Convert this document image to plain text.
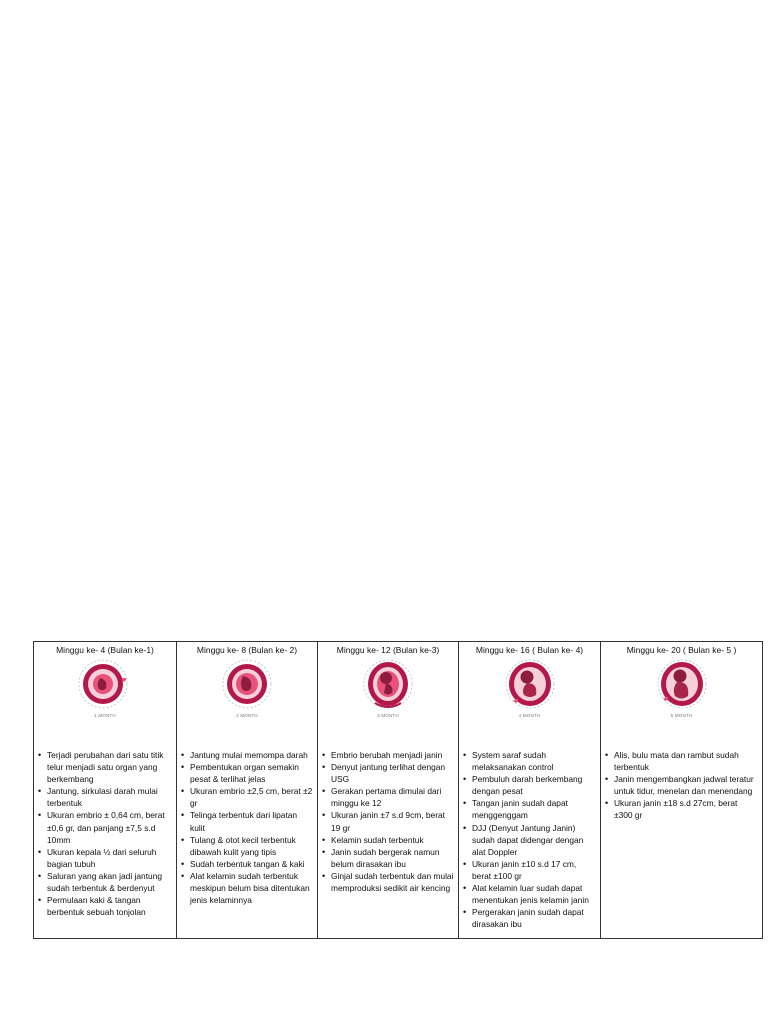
Minggu ke- 4 (Bulan ke-1)
1 MONTH
• Terjadi perubahan dari satu titik telur menjadi satu organ yang berkembang
• Jantung, sirkulasi darah mulai terbentuk
• Ukuran embrio ± 0,64 cm, berat ±0,6 gr, dan panjang ±7,5 s.d 10mm
• Ukuran kepala ½ dari seluruh bagian tubuh
• Saluran yang akan jadi jantung sudah terbentuk & berdenyut
• Permulaan kaki & tangan berbentuk sebuah tonjolan
Minggu ke- 8 (Bulan ke- 2)
2 MONTH
• Jantung mulai memompa darah
• Pembentukan organ semakin pesat & terlihat jelas
• Ukuran embrio ±2,5 cm, berat ±2 gr
• Telinga terbentuk dari lipatan kulit
• Tulang & otot kecil terbentuk dibawah kulit yang tipis
• Sudah terbentuk tangan & kaki
• Alat kelamin sudah terbentuk meskipun belum bisa ditentukan jenis kelaminnya
Minggu ke- 12 (Bulan ke-3)
3 MONTH
• Embrio berubah menjadi janin
• Denyut jantung terlihat dengan USG
• Gerakan pertama dimulai dari minggu ke 12
• Ukuran janin ±7 s.d 9cm, berat 19 gr
• Kelamin sudah terbentuk
• Janin sudah bergerak namun belum dirasakan ibu
• Ginjal sudah terbentuk dan mulai memproduksi sedikit air kencing
Minggu ke- 16 ( Bulan ke- 4)
4 MONTH
• System saraf sudah melaksanakan control
• Pembuluh darah berkembang dengan pesat
• Tangan janin sudah dapat menggenggam
• DJJ (Denyut Jantung Janin) sudah dapat didengar dengan alat Doppler
• Ukuran janin ±10 s.d 17 cm, berat ±100 gr
• Alat kelamin luar sudah dapat menentukan jenis kelamin janin
• Pergerakan janin sudah dapat dirasakan ibu
Minggu ke- 20 ( Bulan ke- 5 )
5 MONTH
• Alis, bulu mata dan rambut sudah terbentuk
• Janin mengembangkan jadwal teratur untuk tidur, menelan dan menendang
• Ukuran janin ±18 s.d 27cm, berat ±300 gr
